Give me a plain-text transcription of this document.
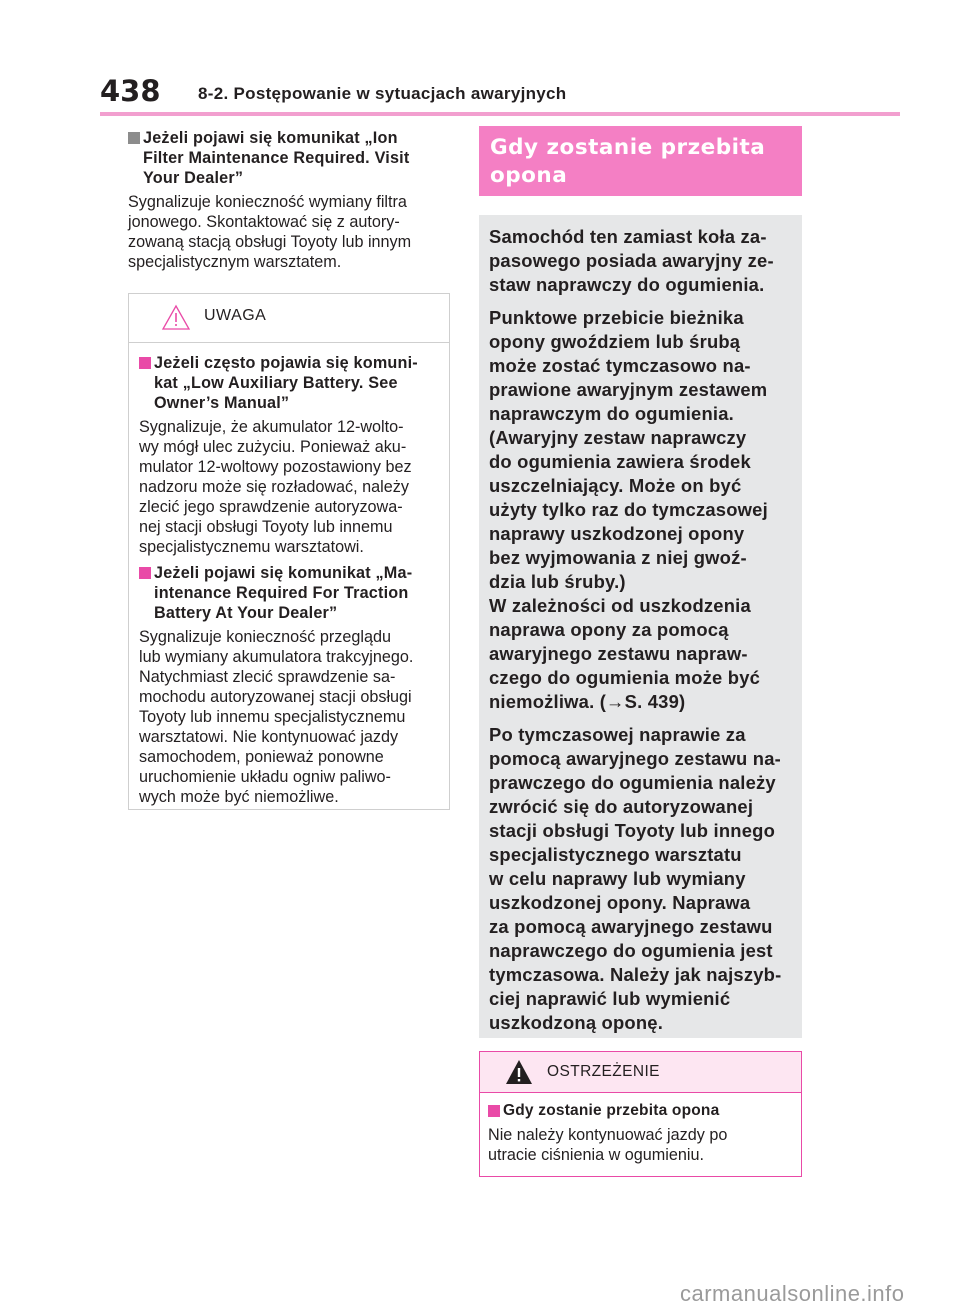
438 8-2. Postępowanie w sytuacjach awaryjnych
Jeżeli pojawi się komunikat „Ion
Filter Maintenance Required. Visit
Your Dealer”
Sygnalizuje konieczność wymiany filtra
jonowego. Skontaktować się z autory-
zowaną stacją obsługi Toyoty lub innym
specjalistycznym warsztatem.
UWAGA
Jeżeli często pojawia się komuni-
kat „Low Auxiliary Battery. See
Owner’s Manual”
Sygnalizuje, że akumulator 12-wolto-
wy mógł ulec zużyciu. Ponieważ aku-
mulator 12-woltowy pozostawiony bez
nadzoru może się rozładować, należy
zlecić jego sprawdzenie autoryzowa-
nej stacji obsługi Toyoty lub innemu
specjalistycznemu warsztatowi.
Jeżeli pojawi się komunikat „Ma-
intenance Required For Traction
Battery At Your Dealer”
Sygnalizuje konieczność przeglądu
lub wymiany akumulatora trakcyjnego.
Natychmiast zlecić sprawdzenie sa-
mochodu autoryzowanej stacji obsługi
Toyoty lub innemu specjalistycznemu
warsztatowi. Nie kontynuować jazdy
samochodem, ponieważ ponowne
uruchomienie układu ogniw paliwo-
wych może być niemożliwe.
Gdy zostanie przebita
opona

Samochód ten zamiast koła za-
pasowego posiada awaryjny ze-
staw naprawczy do ogumienia.

Punktowe przebicie bieżnika
opony gwoździem lub śrubą
może zostać tymczasowo na-
prawione awaryjnym zestawem
naprawczym do ogumienia.
(Awaryjny zestaw naprawczy
do ogumienia zawiera środek
uszczelniający. Może on być
użyty tylko raz do tymczasowej
naprawy uszkodzonej opony
bez wyjmowania z niej gwoź-
dzia lub śruby.)
W zależności od uszkodzenia
naprawa opony za pomocą
awaryjnego zestawu napraw-
czego do ogumienia może być
niemożliwa. (→S. 439)

Po tymczasowej naprawie za
pomocą awaryjnego zestawu na-
prawczego do ogumienia należy
zwrócić się do autoryzowanej
stacji obsługi Toyoty lub innego
specjalistycznego warsztatu
w celu naprawy lub wymiany
uszkodzonej opony. Naprawa
za pomocą awaryjnego zestawu
naprawczego do ogumienia jest
tymczasowa. Należy jak najszyb-
ciej naprawić lub wymienić
uszkodzoną oponę.

OSTRZEŻENIE
Gdy zostanie przebita opona
Nie należy kontynuować jazdy po
utracie ciśnienia w ogumieniu.
carmanualsonline.info
